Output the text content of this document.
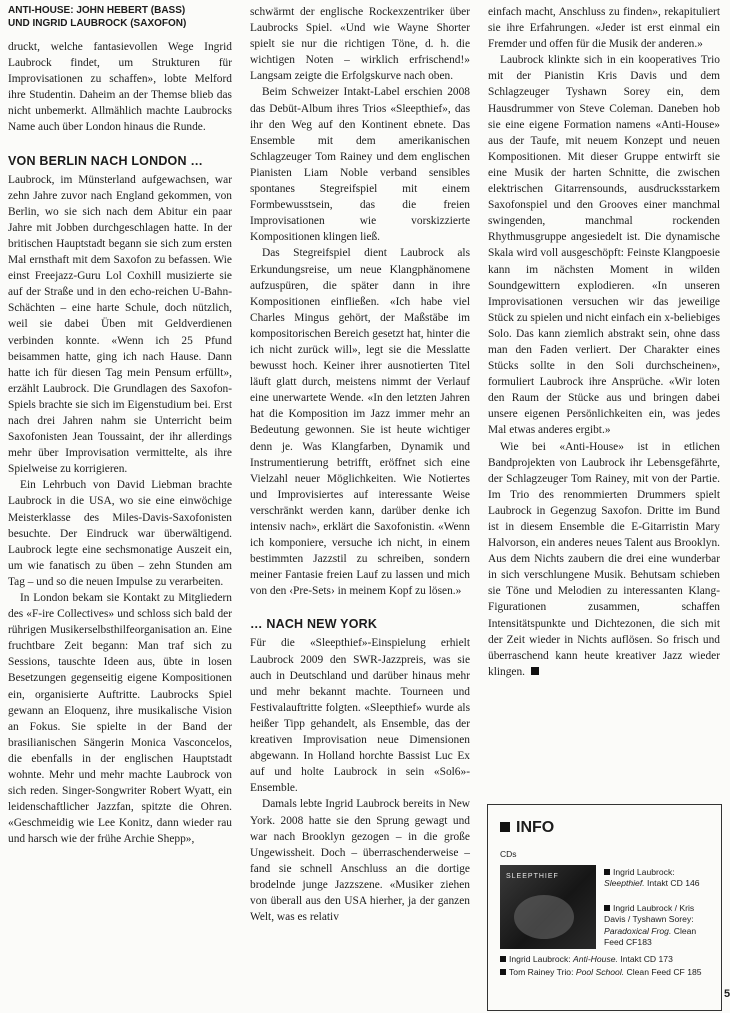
ANTI-HOUSE: JOHN HEBERT (BASS)
UND INGRID LAUBROCK (SAXOFON)

druckt, welche fantasievollen Wege Ingrid Laubrock findet, um Strukturen für Improvisationen zu schaffen», lobte Melford ihre Studentin. Daheim an der Themse blieb das nicht unbemerkt. Allmählich machte Laubrocks Name auch über London hinaus die Runde.

VON BERLIN NACH LONDON …

Laubrock, im Münsterland aufgewachsen, war zehn Jahre zuvor nach England gekommen, von Berlin, wo sie sich nach dem Abitur ein paar Jahre mit Jobben durchgeschlagen hatte. In der britischen Hauptstadt begann sie sich zum ersten Mal ernsthaft mit dem Saxofon zu befassen. Wie einst Freejazz-Guru Lol Coxhill musizierte sie auf der Straße und in den echo-reichen U-Bahn-Schächten – eine harte Schule, doch nützlich, weil sie dabei Üben mit Geldverdienen verbinden konnte. «Wenn ich 25 Pfund beisammen hatte, ging ich nach Hause. Dann hatte ich für diesen Tag mein Pensum erfüllt», erzählt Laubrock. Die Grundlagen des Saxofon-Spiels brachte sie sich im Eigenstudium bei. Erst nach drei Jahren nahm sie Unterricht beim Saxofonisten Jean Toussaint, der ihr allerdings mehr über Improvisation vermittelte, als ihre Spielweise zu korrigieren.

Ein Lehrbuch von David Liebman brachte Laubrock in die USA, wo sie eine einwöchige Meisterklasse des Miles-Davis-Saxofonisten besuchte. Der Eindruck war überwältigend. Laubrock legte eine sechsmonatige Auszeit ein, um wie fanatisch zu üben – zehn Stunden am Tag – und so die neuen Impulse zu verarbeiten.

In London bekam sie Kontakt zu Mitgliedern des «F-ire Collectives» und schloss sich bald der rührigen Musikerselbsthilfeorganisation an. Eine fruchtbare Zeit begann: Man traf sich zu Sessions, tauschte Ideen aus, übte in losen Besetzungen gegenseitig eigene Kompositionen ein, organisierte Auftritte. Laubrocks Spiel gewann an Eloquenz, ihre musikalische Vision an Fokus. Sie spielte in der Band der brasilianischen Sängerin Monica Vasconcelos, die ebenfalls in der englischen Hauptstadt wohnte. Mehr und mehr machte Laubrock von sich reden. Singer-Songwriter Robert Wyatt, ein leidenschaftlicher Jazzfan, spitzte die Ohren. «Geschmeidig wie Lee Konitz, dann wieder rau und harsch wie der frühe Archie Shepp»,

schwärmt der englische Rockexzentriker über Laubrocks Spiel. «Und wie Wayne Shorter spielt sie nur die richtigen Töne, d. h. die wichtigen Noten – wirklich erfrischend!» Langsam zeigte die Erfolgskurve nach oben.

Beim Schweizer Intakt-Label erschien 2008 das Debüt-Album ihres Trios «Sleepthief», das ihr den Weg auf den Kontinent ebnete. Das Ensemble mit dem amerikanischen Schlagzeuger Tom Rainey und dem englischen Pianisten Liam Noble verband sensibles spontanes Stegreifspiel mit einem Formbewusstsein, das die freien Improvisationen wie vorskizzierte Kompositionen klingen ließ.

Das Stegreifspiel dient Laubrock als Erkundungsreise, um neue Klangphänomene aufzuspüren, die später dann in ihre Kompositionen einfließen. «Ich habe viel Charles Mingus gehört, der Maßstäbe im kompositorischen Bereich gesetzt hat, hinter die ich nicht zurück will», legt sie die Messlatte bewusst hoch. Keiner ihrer ausnotierten Titel läuft glatt durch, meistens nimmt der Verlauf eine unerwartete Wende. «In den letzten Jahren hat die Komposition im Jazz immer mehr an Bedeutung gewonnen. Sie ist heute wichtiger denn je. Was Klangfarben, Dynamik und Instrumentierung betrifft, eröffnet sich eine Vielzahl neuer Möglichkeiten. Wie Notiertes und Improvisiertes auf interessante Weise verschränkt werden kann, darüber denke ich intensiv nach», erklärt die Saxofonistin. «Wenn ich komponiere, versuche ich nicht, in einem bestimmten Jazzstil zu schreiben, sondern meiner Fantasie freien Lauf zu lassen und mich von den ‹Pre-Sets› in meinem Kopf zu lösen.»

… NACH NEW YORK

Für die «Sleepthief»-Einspielung erhielt Laubrock 2009 den SWR-Jazzpreis, was sie auch in Deutschland und darüber hinaus mehr und mehr bekannt machte. Tourneen und Festivalauftritte folgten. «Sleepthief» wurde als heißer Tipp gehandelt, als Ensemble, das der kreativen Improvisation neue Dimensionen abgewann. In Holland horchte Bassist Luc Ex auf und holte Laubrock in sein «Sol6»-Ensemble.

Damals lebte Ingrid Laubrock bereits in New York. 2008 hatte sie den Sprung gewagt und war nach Brooklyn gezogen – in die große Ungewissheit. Doch – überraschenderweise – fand sie schnell Anschluss an die dortige brodelnde junge Jazzszene. «Musiker ziehen von überall aus den USA hierher, ja der ganzen Welt, was es relativ

einfach macht, Anschluss zu finden», rekapituliert sie ihre Erfahrungen. «Jeder ist erst einmal ein Fremder und offen für die Musik der anderen.»

Laubrock klinkte sich in ein kooperatives Trio mit der Pianistin Kris Davis und dem Schlagzeuger Tyshawn Sorey ein, dem Hausdrummer von Steve Coleman. Daneben hob sie eine eigene Formation namens «Anti-House» aus der Taufe, mit neuem Konzept und neuen Kompositionen. Mit dieser Gruppe entwirft sie eine Musik der harten Schnitte, die zwischen elektrischen Gitarrensounds, ausdrucksstarkem Saxofonspiel und den Grooves einer manchmal swingenden, manchmal rockenden Rhythmusgruppe angesiedelt ist. Die dynamische Skala wird voll ausgeschöpft: Feinste Klangpoesie kann im nächsten Moment in wilden Soundgewittern explodieren. «In unseren Improvisationen versuchen wir das jeweilige Stück zu spielen und nicht einfach ein x-beliebiges Solo. Das kann ziemlich abstrakt sein, ohne dass man den Faden verliert. Der Charakter eines Stücks sollte in den Soli durchscheinen», formuliert Laubrock ihre Ansprüche. «Wir loten den Raum der Stücke aus und bringen dabei unsere eigenen Persönlichkeiten ein, was jedes Mal etwas anderes ergibt.»

Wie bei «Anti-House» ist in etlichen Bandprojekten von Laubrock ihr Lebensgefährte, der Schlagzeuger Tom Rainey, mit von der Partie. Im Trio des renommierten Drummers spielt Laubrock in Gegenzug Saxofon. Dritte im Bund ist in diesem Ensemble die E-Gitarristin Mary Halvorson, ein anderes neues Talent aus Brooklyn. Aus dem Nichts zaubern die drei eine wunderbar in sich verschlungene Musik. Behutsam schieben sie Töne und Melodien zu interessanten Klang-Figurationen zusammen, schaffen Intensitätspunkte und Dichtezonen, die sich mit der Zeit wieder in Nichts auflösen. So frisch und überraschend kann heute kreativer Jazz wieder klingen.

INFO
CDs
SLEEPTHIEF	Ingrid Laubrock: Sleepthief. Intakt CD 146
Ingrid Laubrock / Kris Davis / Tyshawn Sorey: Paradoxical Frog. Clean Feed CF183
Ingrid Laubrock: Anti-House. Intakt CD 173
Tom Rainey Trio: Pool School. Clean Feed CF 185
5
